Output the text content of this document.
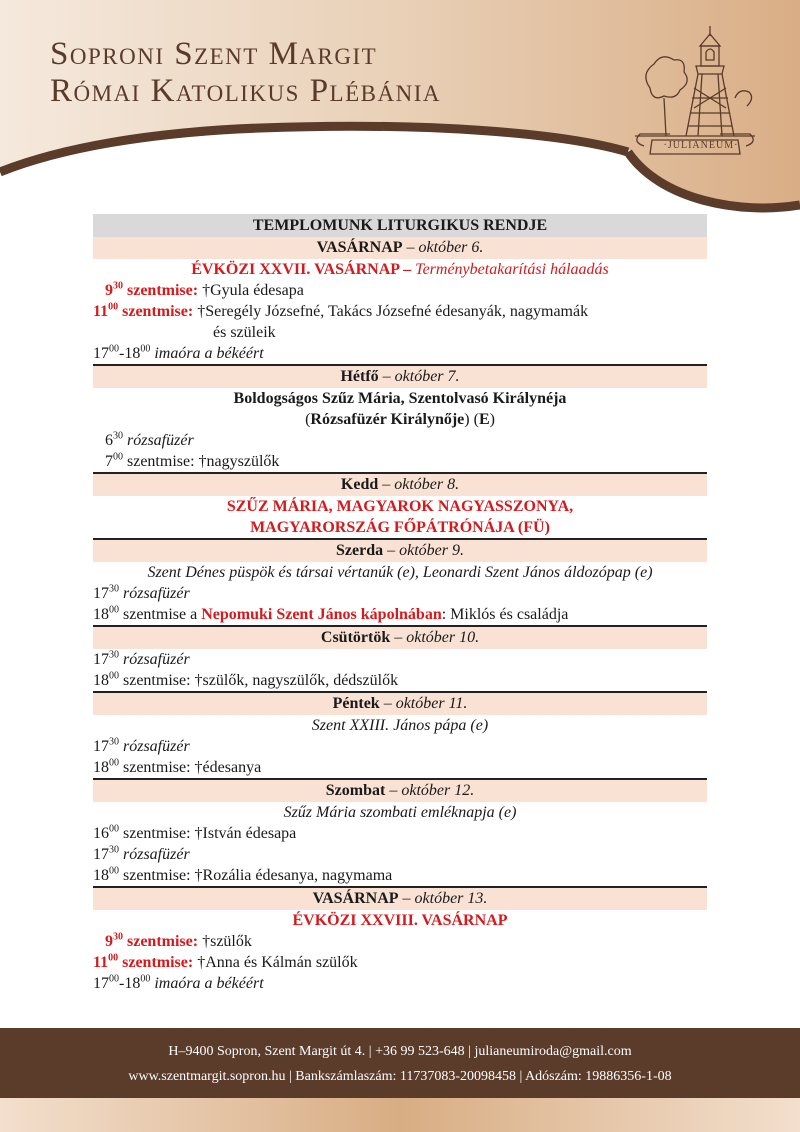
Soproni Szent Margit
Római Katolikus Plébánia
·JULIANEUM·
TEMPLOMUNK LITURGIKUS RENDJE
VASÁRNAP – október 6.
ÉVKÖZI XXVII. VASÁRNAP – Terménybetakarítási hálaadás
$9^{30}$ szentmise: †Gyula édesapa
$11^{00}$ szentmise: †Seregély Józsefné, Takács Józsefné édesanyák, nagymamák
és szüleik
$17^{00}-18^{00}$ imaóra a békéért
Hétfő – október 7.
Boldogságos Szűz Mária, Szentolvasó Királynéja
(Rózsafüzér Királynője) (E)
$6^{30}$ rózsafüzér
$7^{00}$ szentmise: †nagyszülők
Kedd – október 8.
SZŰZ MÁRIA, MAGYAROK NAGYASSZONYA,
MAGYARORSZÁG FŐPÁTRÓNÁJA (FÜ)
Szerda – október 9.
Szent Dénes püspök és társai vértanúk (e), Leonardi Szent János áldozópap (e)
$17^{30}$ rózsafüzér
$18^{00}$ szentmise a Nepomuki Szent János kápolnában: Miklós és családja
Csütörtök – október 10.
$17^{30}$ rózsafüzér
$18^{00}$ szentmise: †szülők, nagyszülők, dédszülők
Péntek – október 11.
Szent XXIII. János pápa (e)
$17^{30}$ rózsafüzér
$18^{00}$ szentmise: †édesanya
Szombat – október 12.
Szűz Mária szombati emléknapja (e)
$16^{00}$ szentmise: †István édesapa
$17^{30}$ rózsafüzér
$18^{00}$ szentmise: †Rozália édesanya, nagymama
VASÁRNAP – október 13.
ÉVKÖZI XXVIII. VASÁRNAP
$9^{30}$ szentmise: †szülők
$11^{00}$ szentmise: †Anna és Kálmán szülők
$17^{00}-18^{00}$ imaóra a békéért
H–9400 Sopron, Szent Margit út 4. | +36 99 523-648 | julianeumiroda@gmail.com
www.szentmargit.sopron.hu | Bankszámlaszám: 11737083-20098458 | Adószám: 19886356-1-08
